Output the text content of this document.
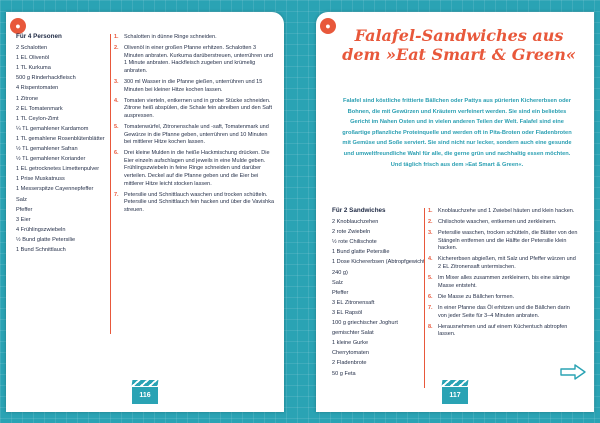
●
Für 4 Personen
2 Schalotten
1 EL Olivenöl
1 TL Kurkuma
500 g Rinderhackfleisch
4 Rispentomaten
1 Zitrone
2 EL Tomatenmark
1 TL Ceylon-Zimt
¼ TL gemahlener Kardamom
1 TL gemahlene Rosenblütenblätter
½ TL gemahlener Safran
½ TL gemahlener Koriander
1 EL getrocknetes Limettenpulver
1 Prise Muskatnuss
1 Messerspitze Cayennepfeffer
Salz
Pfeffer
3 Eier
4 Frühlingszwiebeln
½ Bund glatte Petersilie
1 Bund Schnittlauch
1. Schalotten in dünne Ringe schneiden.
2. Olivenöl in einer großen Pfanne erhitzen. Schalotten 3 Minuten anbraten. Kurkuma darüberstreuen, unterrühren und 1 Minute anbraten. Hackfleisch zugeben und krümelig anbraten.
3. 300 ml Wasser in die Pfanne gießen, unterrühren und 15 Minuten bei kleiner Hitze kochen lassen.
4. Tomaten vierteln, entkernen und in grobe Stücke schneiden. Zitrone heiß abspülen, die Schale fein abreiben und den Saft auspressen.
5. Tomatenwürfel, Zitronenschale und -saft, Tomatenmark und Gewürze in die Pfanne geben, unterrühren und 10 Minuten bei mittlerer Hitze kochen lassen.
6. Drei kleine Mulden in die heiße Hackmischung drücken. Die Eier einzeln aufschlagen und jeweils in eine Mulde geben. Frühlingszwiebeln in feine Ringe schneiden und darüber verteilen. Deckel auf die Pfanne geben und die Eier bei mittlerer Hitze leicht stocken lassen.
7. Petersilie und Schnittlauch waschen und trocken schütteln. Petersilie und Schnittlauch fein hacken und über die Vavishka streuen.
116
●	Falafel-Sandwiches aus dem »Eat Smart & Green«
Falafel sind köstliche frittierte Bällchen oder Pattys aus pürierten Kichererbsen oder Bohnen, die mit Gewürzen und Kräutern verfeinert werden. Sie sind ein beliebtes Gericht im Nahen Osten und in vielen anderen Teilen der Welt. Falafel sind eine großartige pflanzliche Proteinquelle und werden oft in Pita-Broten oder Fladenbroten mit Gemüse und Soße serviert. Sie sind nicht nur lecker, sondern auch eine gesunde und umweltfreundliche Wahl für alle, die gerne grün und nachhaltig essen möchten. Und täglich frisch aus dem »Eat Smart & Green«.
Für 2 Sandwiches
2 Knoblauchzehen
2 rote Zwiebeln
½ rote Chilischote
1 Bund glatte Petersilie
1 Dose Kichererbsen (Abtropfgewicht 240 g)
Salz
Pfeffer
3 EL Zitronensaft
3 EL Rapsöl
100 g griechischer Joghurt
gemischter Salat
1 kleine Gurke
Cherrytomaten
2 Fladenbrote
50 g Feta
1. Knoblauchzehe und 1 Zwiebel häuten und klein hacken.
2. Chilischote waschen, entkernen und zerkleinern.
3. Petersilie waschen, trocken schütteln, die Blätter von den Stängeln entfernen und die Hälfte der Petersilie klein hacken.
4. Kichererbsen abgießen, mit Salz und Pfeffer würzen und 2 EL Zitronensaft untermischen.
5. Im Mixer alles zusammen zerkleinern, bis eine sämige Masse entsteht.
6. Die Masse zu Bällchen formen.
7. In einer Pfanne das Öl erhitzen und die Bällchen darin von jeder Seite für 3–4 Minuten anbraten.
8. Herausnehmen und auf einem Küchentuch abtropfen lassen.
117
